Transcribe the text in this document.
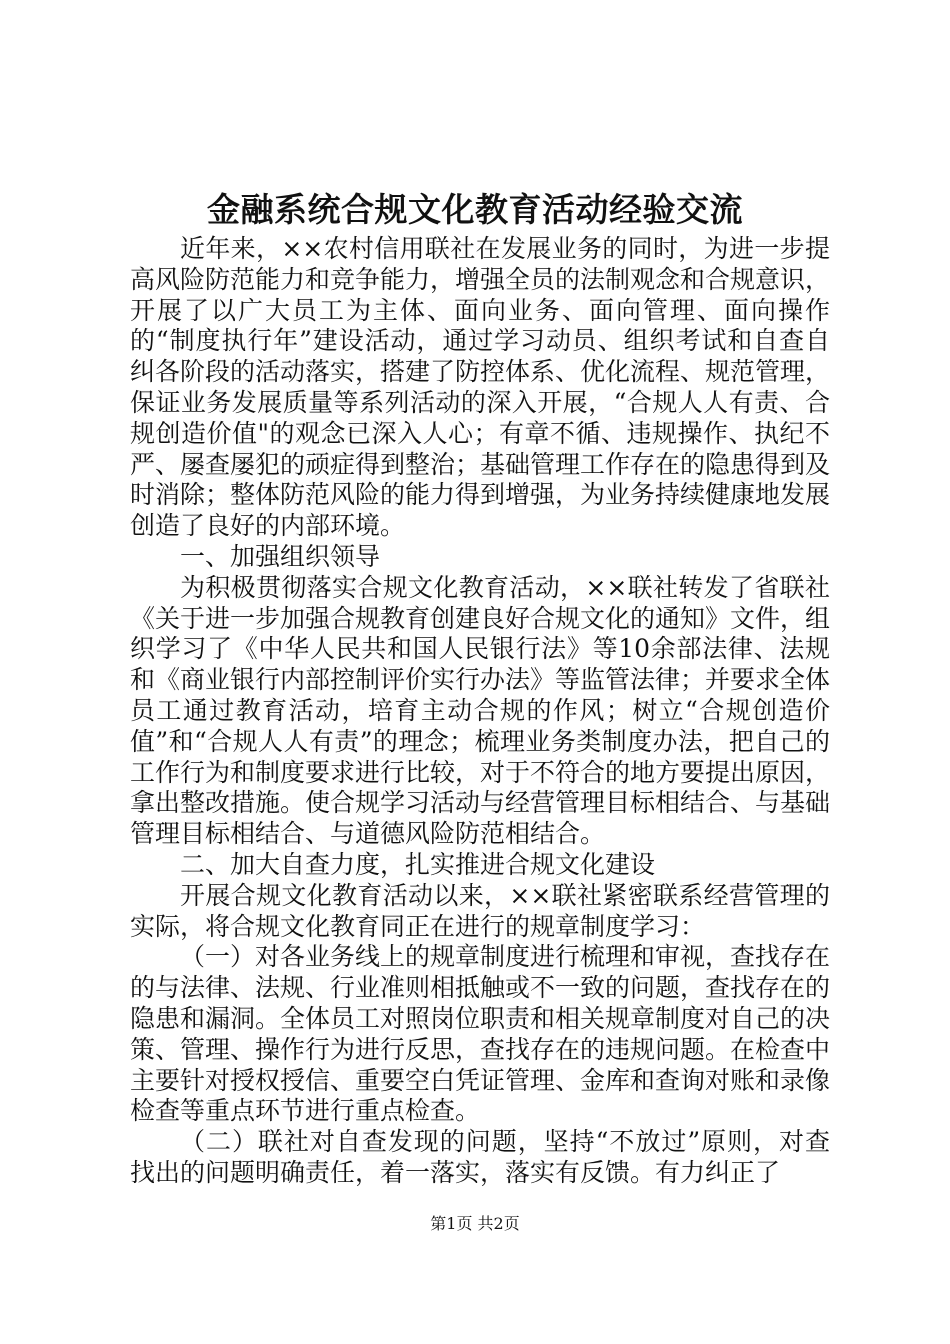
金融系统合规文化教育活动经验交流

近年来，××农村信用联社在发展业务的同时，为进一步提高风险防范能力和竞争能力，增强全员的法制观念和合规意识，开展了以广大员工为主体、面向业务、面向管理、面向操作的“制度执行年”建设活动，通过学习动员、组织考试和自查自纠各阶段的活动落实，搭建了防控体系、优化流程、规范管理，保证业务发展质量等系列活动的深入开展，“合规人人有责、合规创造价值"的观念已深入人心；有章不循、违规操作、执纪不严、屡查屡犯的顽症得到整治；基础管理工作存在的隐患得到及时消除；整体防范风险的能力得到增强，为业务持续健康地发展创造了良好的内部环境。

一、加强组织领导

为积极贯彻落实合规文化教育活动，××联社转发了省联社《关于进一步加强合规教育创建良好合规文化的通知》文件，组织学习了《中华人民共和国人民银行法》等10余部法律、法规和《商业银行内部控制评价实行办法》等监管法律；并要求全体员工通过教育活动，培育主动合规的作风；树立“合规创造价值”和“合规人人有责”的理念；梳理业务类制度办法，把自己的工作行为和制度要求进行比较，对于不符合的地方要提出原因，拿出整改措施。使合规学习活动与经营管理目标相结合、与基础管理目标相结合、与道德风险防范相结合。

二、加大自查力度，扎实推进合规文化建设

开展合规文化教育活动以来，××联社紧密联系经营管理的实际，将合规文化教育同正在进行的规章制度学习：

（一）对各业务线上的规章制度进行梳理和审视，查找存在的与法律、法规、行业准则相抵触或不一致的问题，查找存在的隐患和漏洞。全体员工对照岗位职责和相关规章制度对自己的决策、管理、操作行为进行反思，查找存在的违规问题。在检查中主要针对授权授信、重要空白凭证管理、金库和查询对账和录像检查等重点环节进行重点检查。

（二）联社对自查发现的问题，坚持“不放过”原则，对查找出的问题明确责任，着一落实，落实有反馈。有力纠正了

第1页 共2页
